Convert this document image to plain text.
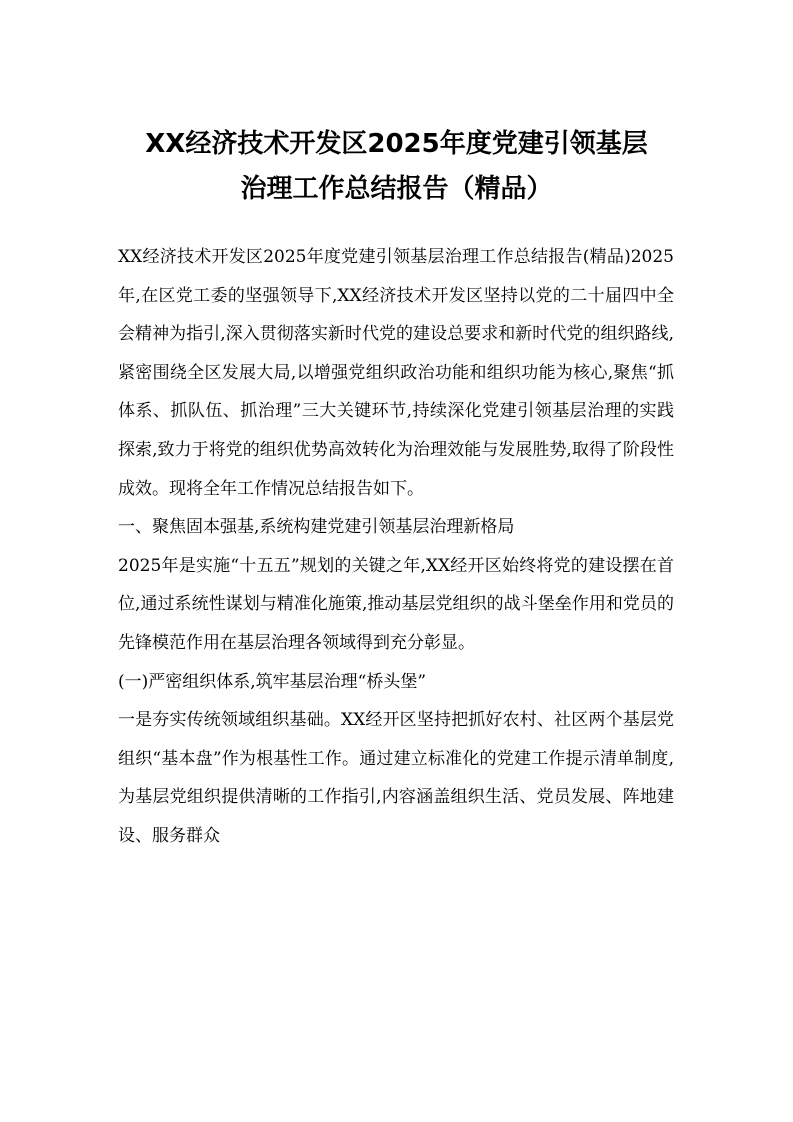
XX经济技术开发区2025年度党建引领基层
治理工作总结报告（精品）

XX经济技术开发区2025年度党建引领基层治理工作总结报告(精品)2025年,在区党工委的坚强领导下,XX经济技术开发区坚持以党的二十届四中全会精神为指引,深入贯彻落实新时代党的建设总要求和新时代党的组织路线,紧密围绕全区发展大局,以增强党组织政治功能和组织功能为核心,聚焦“抓体系、抓队伍、抓治理”三大关键环节,持续深化党建引领基层治理的实践探索,致力于将党的组织优势高效转化为治理效能与发展胜势,取得了阶段性成效。现将全年工作情况总结报告如下。

一、聚焦固本强基,系统构建党建引领基层治理新格局

2025年是实施“十五五”规划的关键之年,XX经开区始终将党的建设摆在首位,通过系统性谋划与精准化施策,推动基层党组织的战斗堡垒作用和党员的先锋模范作用在基层治理各领域得到充分彰显。

(一)严密组织体系,筑牢基层治理“桥头堡”

一是夯实传统领域组织基础。XX经开区坚持把抓好农村、社区两个基层党组织“基本盘”作为根基性工作。通过建立标准化的党建工作提示清单制度,为基层党组织提供清晰的工作指引,内容涵盖组织生活、党员发展、阵地建设、服务群众
